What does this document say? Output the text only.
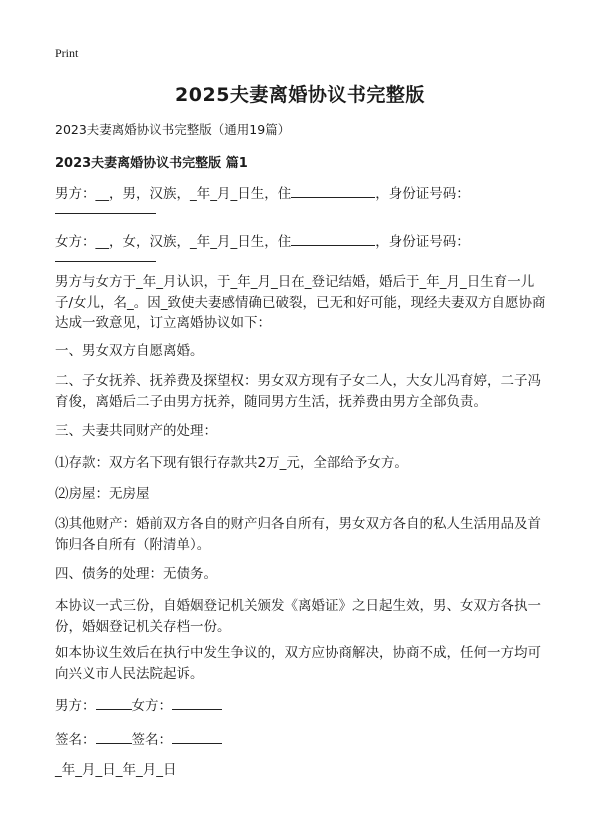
Print
2025夫妻离婚协议书完整版
2023夫妻离婚协议书完整版（通用19篇）
2023夫妻离婚协议书完整版 篇1
男方：__，男，汉族，_年_月_日生，住	，身份证号码：
女方：__，女，汉族，_年_月_日生，住	，身份证号码：
男方与女方于_年_月认识，于_年_月_日在_登记结婚，婚后于_年_月_日生育一儿子/女儿，名_。因_致使夫妻感情确已破裂，已无和好可能，现经夫妻双方自愿协商达成一致意见，订立离婚协议如下：
一、男女双方自愿离婚。
二、子女抚养、抚养费及探望权：男女双方现有子女二人，大女儿冯育婷，二子冯育俊，离婚后二子由男方抚养，随同男方生活，抚养费由男方全部负责。
三、夫妻共同财产的处理：
⑴存款：双方名下现有银行存款共2万_元，全部给予女方。
⑵房屋：无房屋
⑶其他财产：婚前双方各自的财产归各自所有，男女双方各自的私人生活用品及首饰归各自所有（附清单）。
四、债务的处理：无债务。
本协议一式三份，自婚姻登记机关颁发《离婚证》之日起生效，男、女双方各执一份，婚姻登记机关存档一份。
如本协议生效后在执行中发生争议的，双方应协商解决，协商不成，任何一方均可向兴义市人民法院起诉。
男方：	女方：
签名：	签名：
_年_月_日_年_月_日
